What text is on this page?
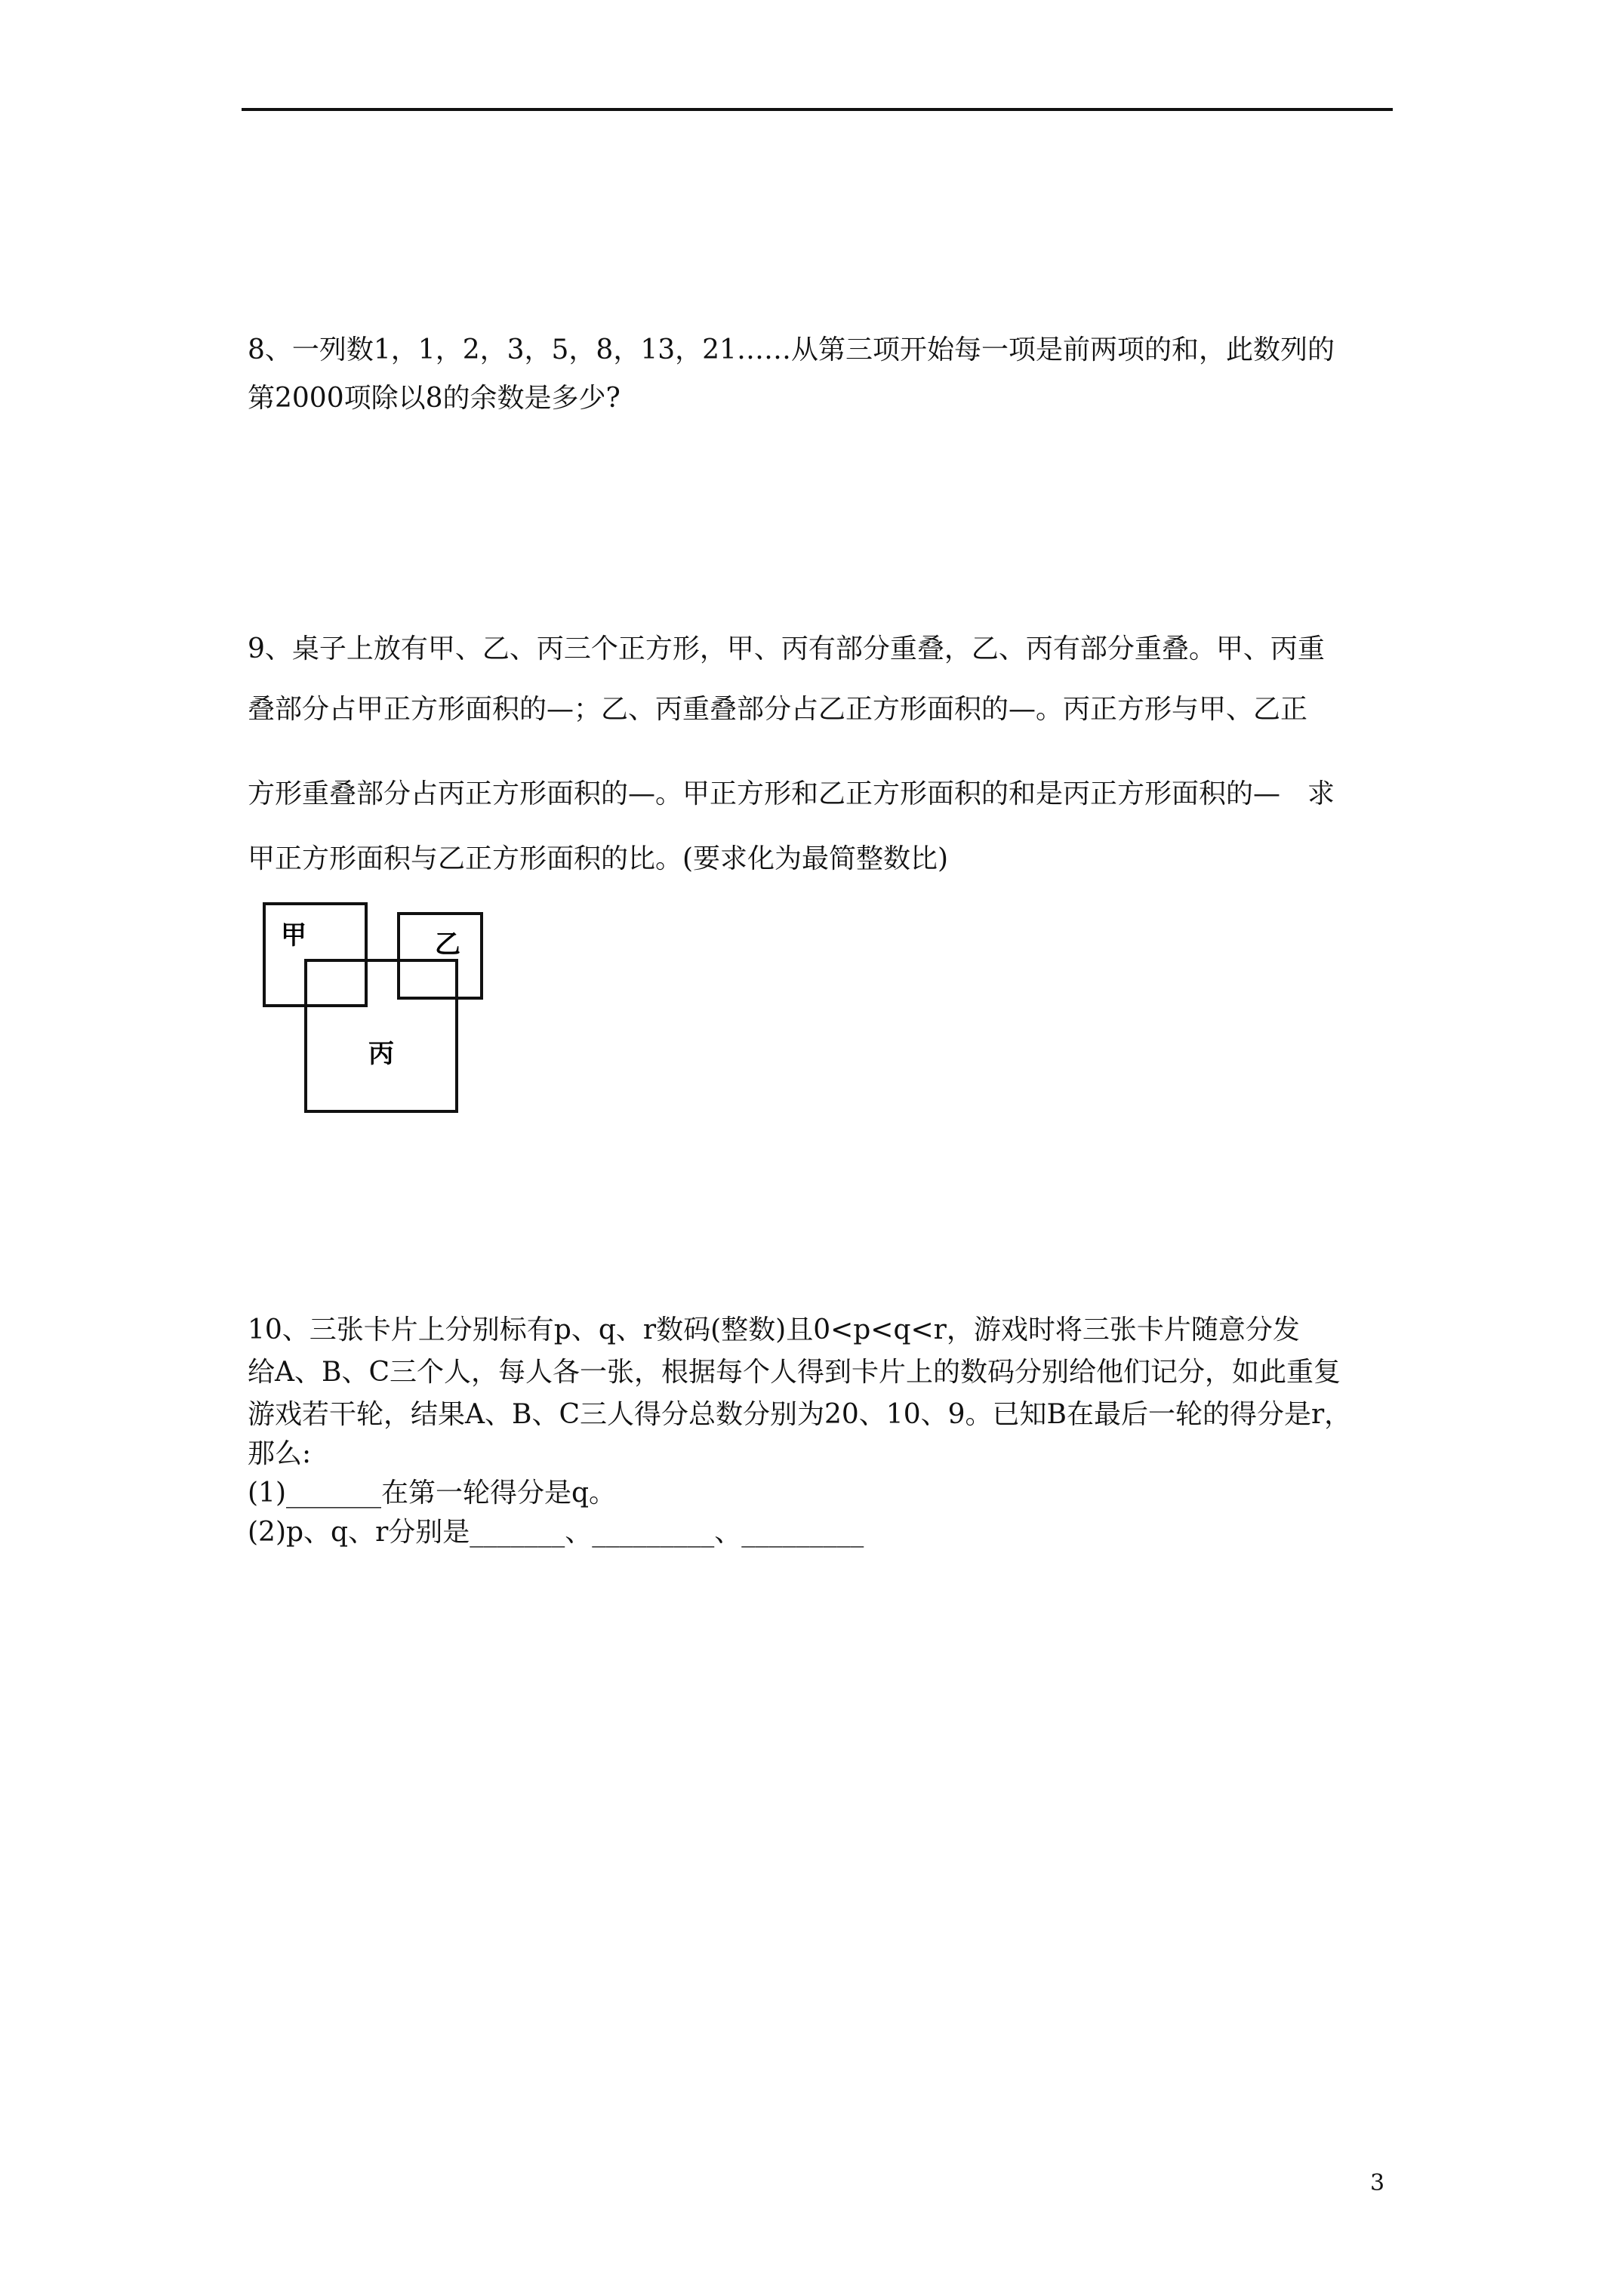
8、一列数1，1，2，3，5，8，13，21……从第三项开始每一项是前两项的和，此数列的
第2000项除以8的余数是多少?
9、桌子上放有甲、乙、丙三个正方形，甲、丙有部分重叠，乙、丙有部分重叠。甲、丙重
叠部分占甲正方形面积的—；乙、丙重叠部分占乙正方形面积的—。丙正方形与甲、乙正
方形重叠部分占丙正方形面积的—。甲正方形和乙正方形面积的和是丙正方形面积的—　求
甲正方形面积与乙正方形面积的比。(要求化为最简整数比)
甲	乙
丙
10、三张卡片上分别标有p、q、r数码(整数)且0<p<q<r，游戏时将三张卡片随意分发
给A、B、C三个人，每人各一张，根据每个人得到卡片上的数码分别给他们记分，如此重复
游戏若干轮，结果A、B、C三人得分总数分别为20、10、9。已知B在最后一轮的得分是r，
那么:
(1)_______在第一轮得分是q。
(2)p、q、r分别是_______、_________、_________
3
